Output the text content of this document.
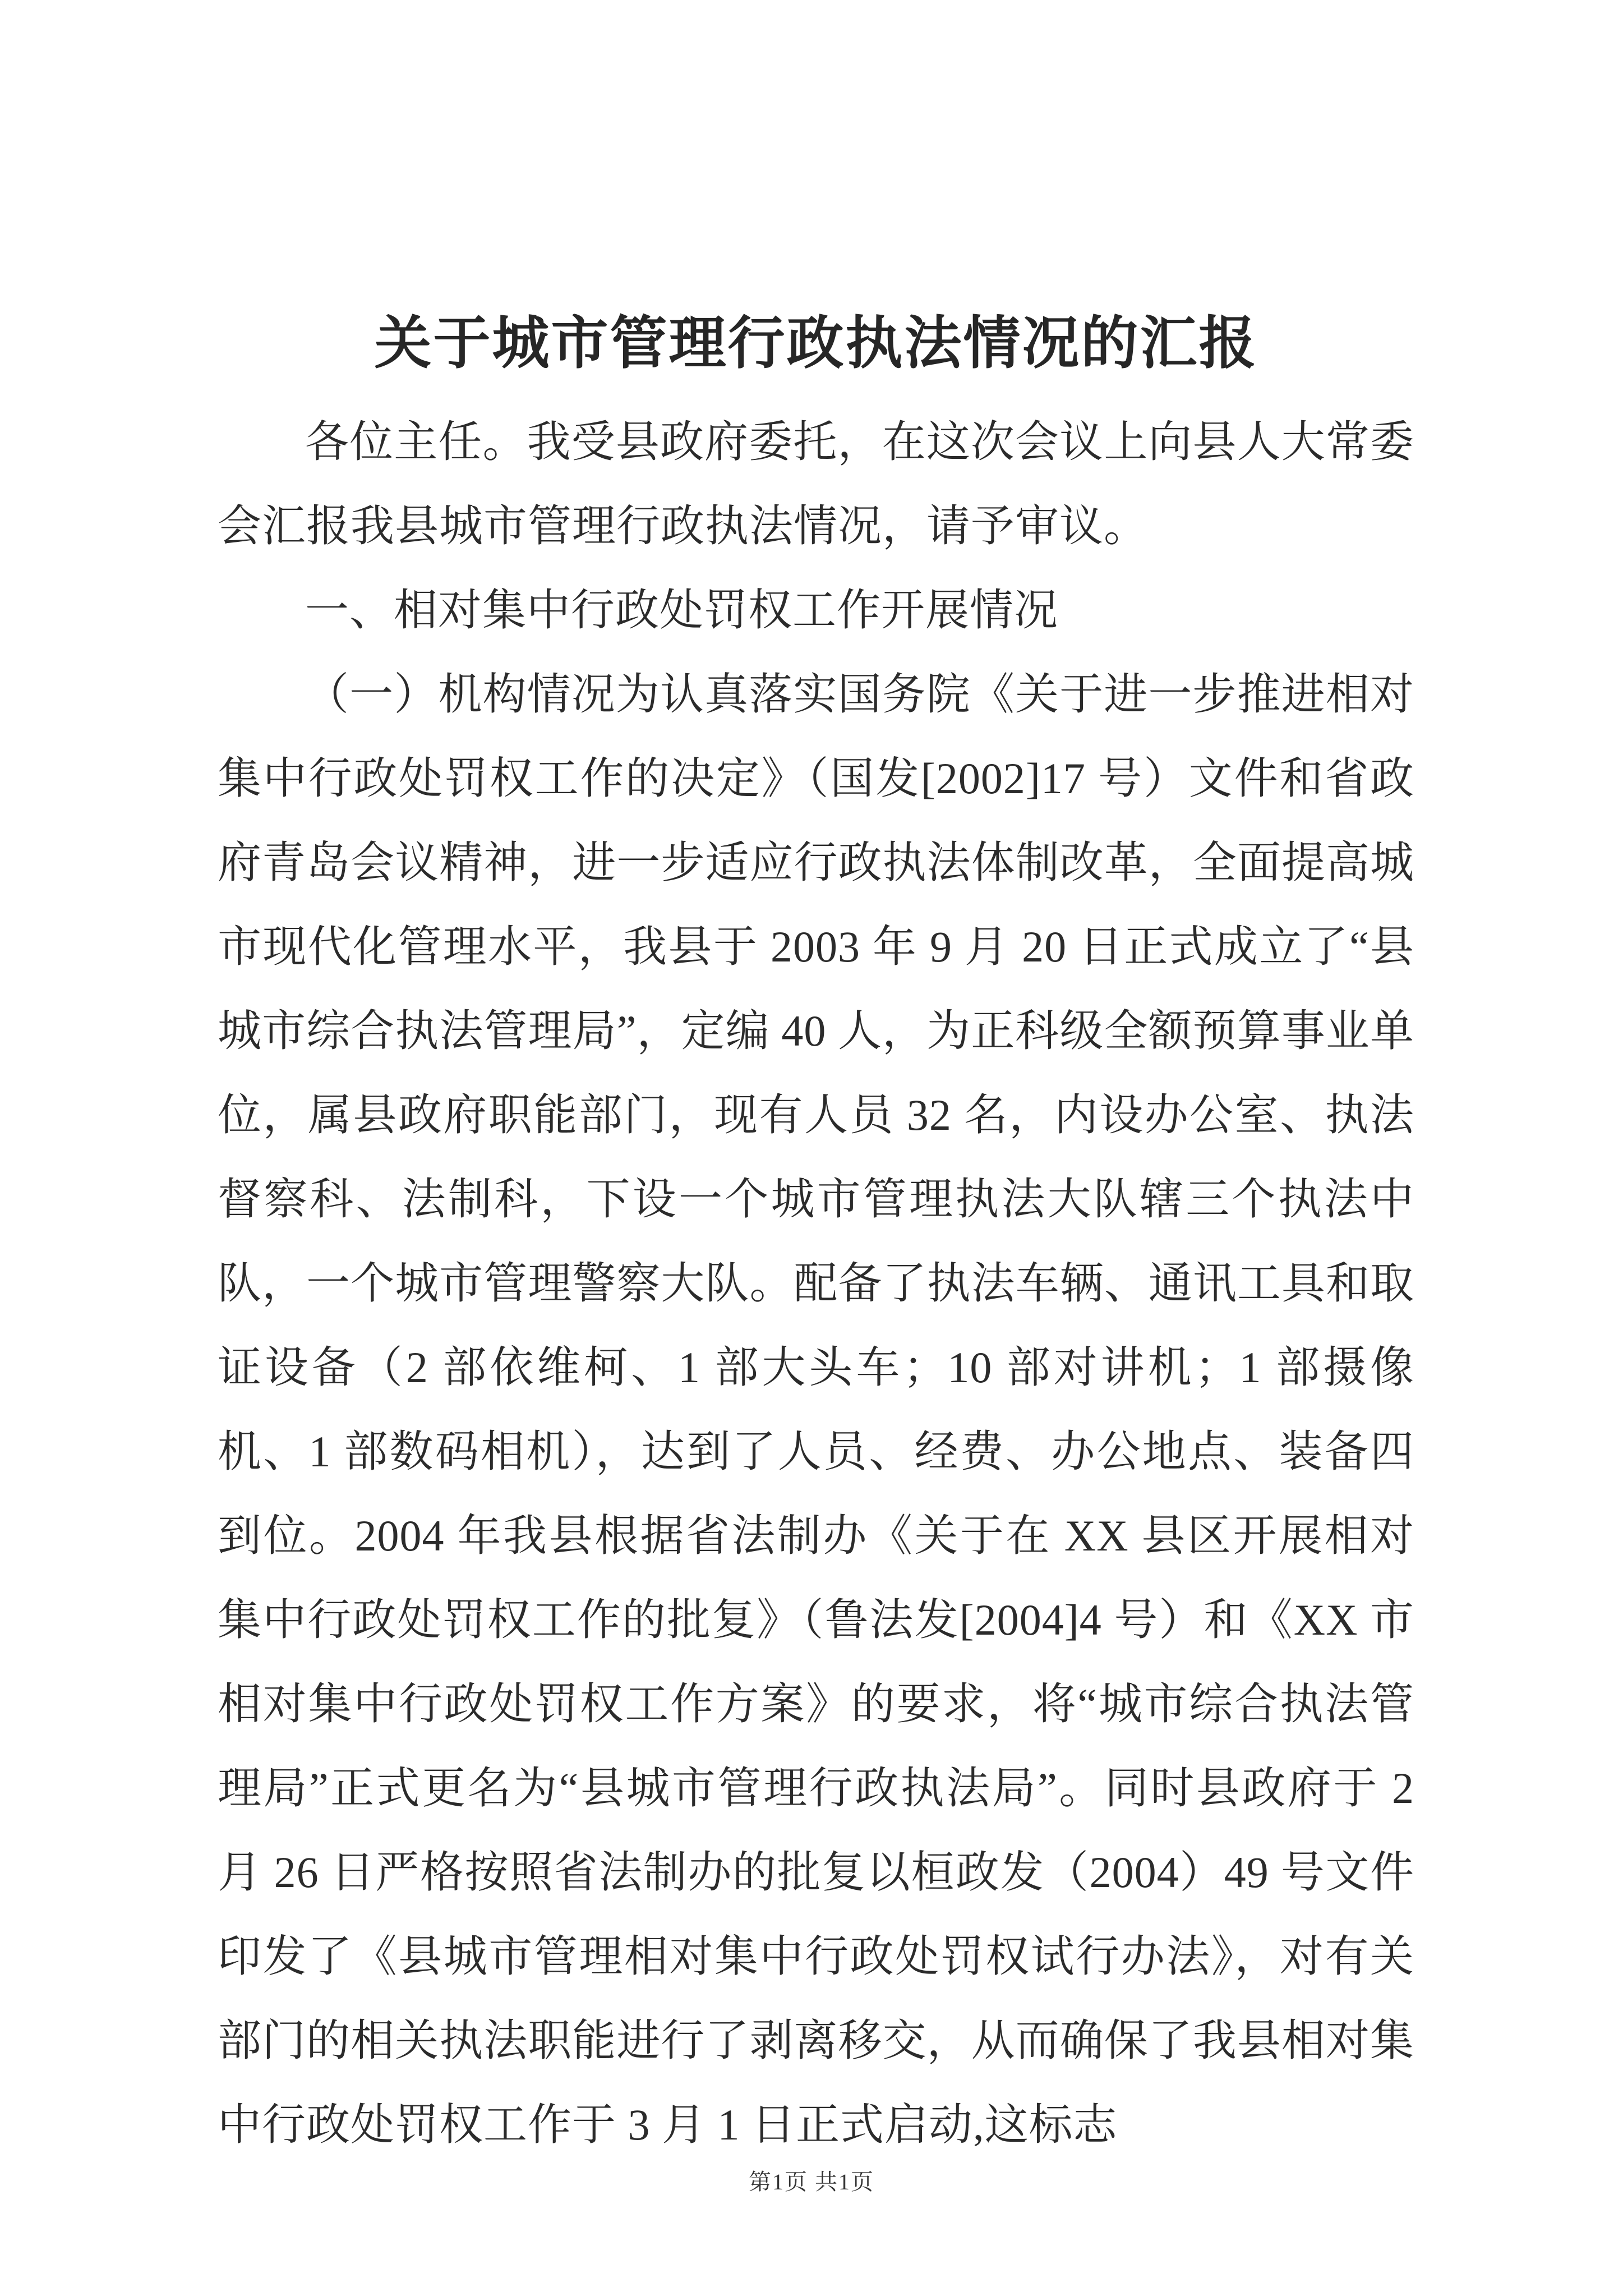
关于城市管理行政执法情况的汇报

各位主任。我受县政府委托，在这次会议上向县人大常委会汇报我县城市管理行政执法情况，请予审议。

一、相对集中行政处罚权工作开展情况

（一）机构情况为认真落实国务院《关于进一步推进相对集中行政处罚权工作的决定》（国发[2002]17 号）文件和省政府青岛会议精神，进一步适应行政执法体制改革，全面提高城市现代化管理水平，我县于 2003 年 9 月 20 日正式成立了“县城市综合执法管理局”，定编 40 人，为正科级全额预算事业单位，属县政府职能部门，现有人员 32 名，内设办公室、执法督察科、法制科，下设一个城市管理执法大队辖三个执法中队，一个城市管理警察大队。配备了执法车辆、通讯工具和取证设备（2 部依维柯、1 部大头车；10 部对讲机；1 部摄像机、1 部数码相机），达到了人员、经费、办公地点、装备四到位。2004 年我县根据省法制办《关于在 XX 县区开展相对集中行政处罚权工作的批复》（鲁法发[2004]4 号）和《XX 市相对集中行政处罚权工作方案》的要求，将“城市综合执法管理局”正式更名为“县城市管理行政执法局”。同时县政府于 2 月 26 日严格按照省法制办的批复以桓政发（2004）49 号文件印发了《县城市管理相对集中行政处罚权试行办法》，对有关部门的相关执法职能进行了剥离移交，从而确保了我县相对集中行政处罚权工作于 3 月 1 日正式启动,这标志

第1页 共1页
